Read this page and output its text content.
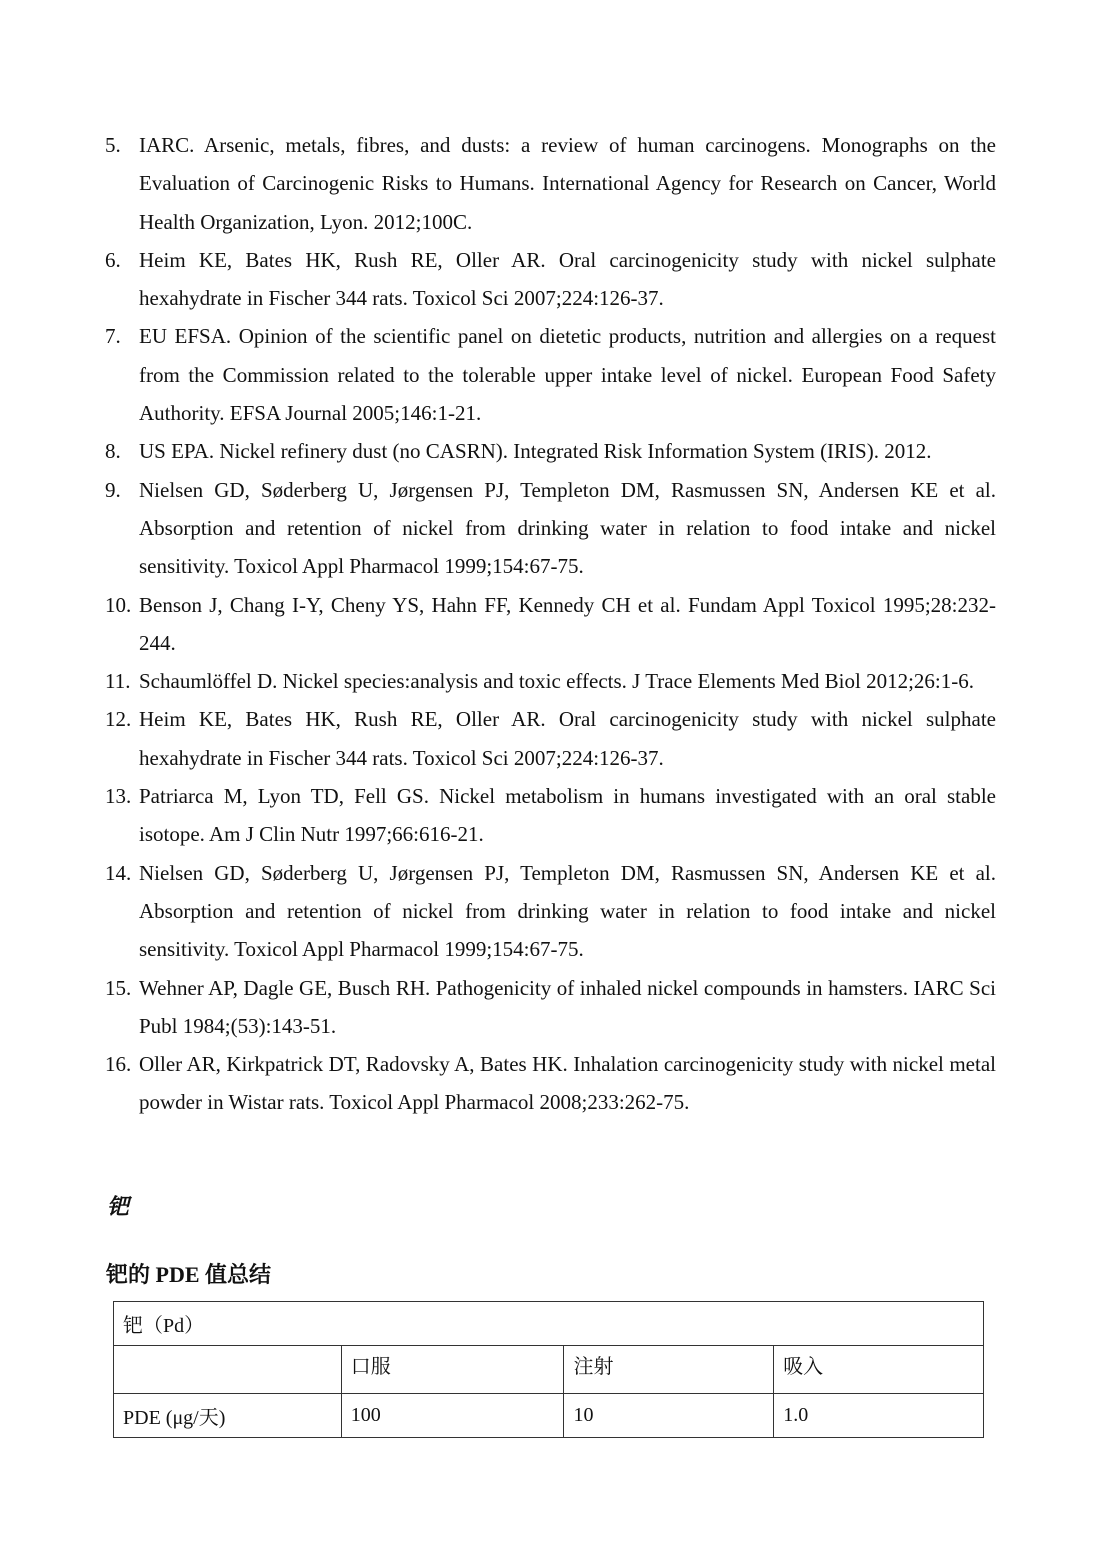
5. IARC. Arsenic, metals, fibres, and dusts: a review of human carcinogens. Monographs on the Evaluation of Carcinogenic Risks to Humans. International Agency for Research on Cancer, World Health Organization, Lyon. 2012;100C.
6. Heim KE, Bates HK, Rush RE, Oller AR. Oral carcinogenicity study with nickel sulphate hexahydrate in Fischer 344 rats. Toxicol Sci 2007;224:126-37.
7. EU EFSA. Opinion of the scientific panel on dietetic products, nutrition and allergies on a request from the Commission related to the tolerable upper intake level of nickel. European Food Safety Authority. EFSA Journal 2005;146:1-21.
8. US EPA. Nickel refinery dust (no CASRN). Integrated Risk Information System (IRIS). 2012.
9. Nielsen GD, Søderberg U, Jørgensen PJ, Templeton DM, Rasmussen SN, Andersen KE et al. Absorption and retention of nickel from drinking water in relation to food intake and nickel sensitivity. Toxicol Appl Pharmacol 1999;154:67-75.
10. Benson J, Chang I-Y, Cheny YS, Hahn FF, Kennedy CH et al. Fundam Appl Toxicol 1995;28:232-244.
11. Schaumlöffel D. Nickel species:analysis and toxic effects. J Trace Elements Med Biol 2012;26:1-6.
12. Heim KE, Bates HK, Rush RE, Oller AR. Oral carcinogenicity study with nickel sulphate hexahydrate in Fischer 344 rats. Toxicol Sci 2007;224:126-37.
13. Patriarca M, Lyon TD, Fell GS. Nickel metabolism in humans investigated with an oral stable isotope. Am J Clin Nutr 1997;66:616-21.
14. Nielsen GD, Søderberg U, Jørgensen PJ, Templeton DM, Rasmussen SN, Andersen KE et al. Absorption and retention of nickel from drinking water in relation to food intake and nickel sensitivity. Toxicol Appl Pharmacol 1999;154:67-75.
15. Wehner AP, Dagle GE, Busch RH. Pathogenicity of inhaled nickel compounds in hamsters. IARC Sci Publ 1984;(53):143-51.
16. Oller AR, Kirkpatrick DT, Radovsky A, Bates HK. Inhalation carcinogenicity study with nickel metal powder in Wistar rats. Toxicol Appl Pharmacol 2008;233:262-75.
钯
钯的 PDE 值总结
钯（Pd）			
	口服	注射	吸入
PDE (μg/天)	100	10	1.0
